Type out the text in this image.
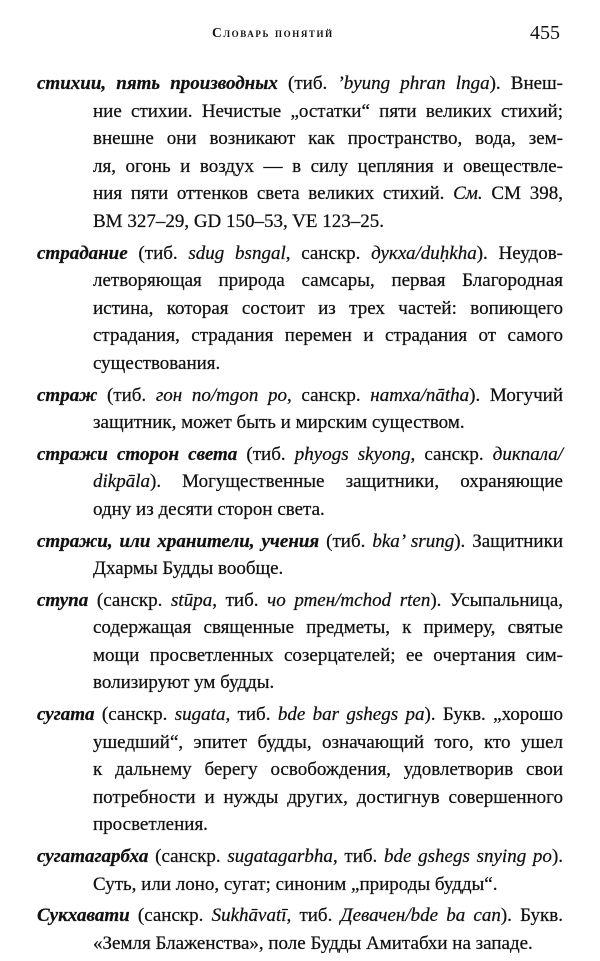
Словарь понятий	455
стихии, пять производных (тиб. ’byung phran lnga). Внеш-
ние стихии. Нечистые „остатки“ пяти великих стихий;
внешне они возникают как пространство, вода, зем-
ля, огонь и воздух — в силу цепляния и овеществле-
ния пяти оттенков света великих стихий. См. CM 398,
BM 327–29, GD 150–53, VE 123–25.
страдание (тиб. sdug bsngal, санскр. дукха/duḥkha). Неудов-
летворяющая природа самсары, первая Благородная
истина, которая состоит из трех частей: вопиющего
страдания, страдания перемен и страдания от самого
существования.
страж (тиб. гон по/mgon po, санскр. натха/nātha). Могучий
защитник, может быть и мирским существом.
стражи сторон света (тиб. phyogs skyong, санскр. дикпала/
dikpāla). Могущественные защитники, охраняющие
одну из десяти сторон света.
стражи, или хранители, учения (тиб. bka’ srung). Защитники
Дхармы Будды вообще.
ступа (санскр. stūpa, тиб. чо ртен/mchod rten). Усыпальница,
содержащая священные предметы, к примеру, святые
мощи просветленных созерцателей; ее очертания сим-
волизируют ум будды.
сугата (санскр. sugata, тиб. bde bar gshegs pa). Букв. „хорошо
ушедший“, эпитет будды, означающий того, кто ушел
к дальнему берегу освобождения, удовлетворив свои
потребности и нужды других, достигнув совершенного
просветления.
сугатагарбха (санскр. sugatagarbha, тиб. bde gshegs snying po).
Суть, или лоно, сугат; синоним „природы будды“.
Сукхавати (санскр. Sukhāvatī, тиб. Девачен/bde ba can). Букв.
«Земля Блаженства», поле Будды Амитабхи на западе.
